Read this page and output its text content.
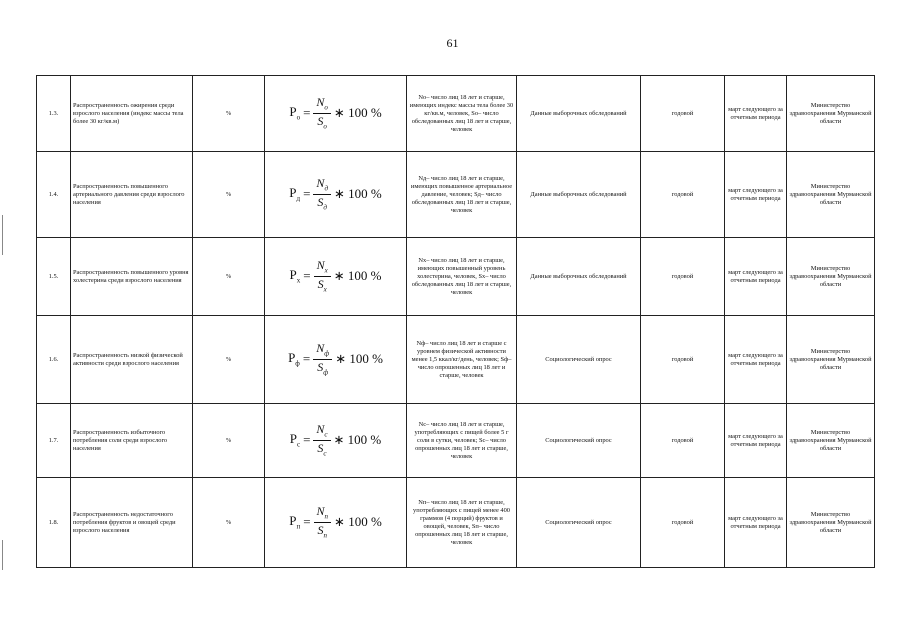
61
1.3.	Распространенность ожирения среди взрослого населения (индекс массы тела более 30 кг/кв.м)	%	$P_о = \frac{N_о}{S_о}$ ∗ 100 %	No– число лиц 18 лет и старше, имеющих индекс массы тела более 30 кг/кв.м, человек, So– число обследованных лиц 18 лет и старше, человек	Данные выборочных обследований	годовой	март следующего за отчетным периода	Министерство здравоохранения Мурманской области
1.4.	Распространенность повышенного артериального давления среди взрослого населения	%	$P_д = \frac{N_д}{S_д}$ ∗ 100 %	Nд– число лиц 18 лет и старше, имеющих повышенное артериальное давление, человек; Sд– число обследованных лиц 18 лет и старше, человек	Данные выборочных обследований	годовой	март следующего за отчетным периода	Министерство здравоохранения Мурманской области
1.5.	Распространенность повышенного уровня холестерина среди взрослого населения	%	$P_х = \frac{N_х}{S_х}$ ∗ 100 %	Nх– число лиц 18 лет и старше, имеющих повышенный уровень холестерина, человек, Sх– число обследованных лиц 18 лет и старше, человек	Данные выборочных обследований	годовой	март следующего за отчетным периода	Министерство здравоохранения Мурманской области
1.6.	Распространенность низкой физической активности среди взрослого населения	%	$P_ф = \frac{N_ф}{S_ф}$ ∗ 100 %	Nф– число лиц 18 лет и старше с уровнем физической активности менее 1,5 ккал/кг/день, человек; Sф– число опрошенных лиц 18 лет и старше, человек	Социологический опрос	годовой	март следующего за отчетным периода	Министерство здравоохранения Мурманской области
1.7.	Распространенность избыточного потребления соли среди взрослого населения	%	$P_с = \frac{N_с}{S_с}$ ∗ 100 %	Nс– число лиц 18 лет и старше, употребляющих с пищей более 5 г соли в сутки, человек; Sс– число опрошенных лиц 18 лет и старше, человек	Социологический опрос	годовой	март следующего за отчетным периода	Министерство здравоохранения Мурманской области
1.8.	Распространенность недостаточного потребления фруктов и овощей среди взрослого населения	%	$P_п = \frac{N_п}{S_п}$ ∗ 100 %	Nп– число лиц 18 лет и старше, употребляющих с пищей менее 400 граммов (4 порций) фруктов и овощей, человек, Sп– число опрошенных лиц 18 лет и старше, человек	Социологический опрос	годовой	март следующего за отчетным периода	Министерство здравоохранения Мурманской области
